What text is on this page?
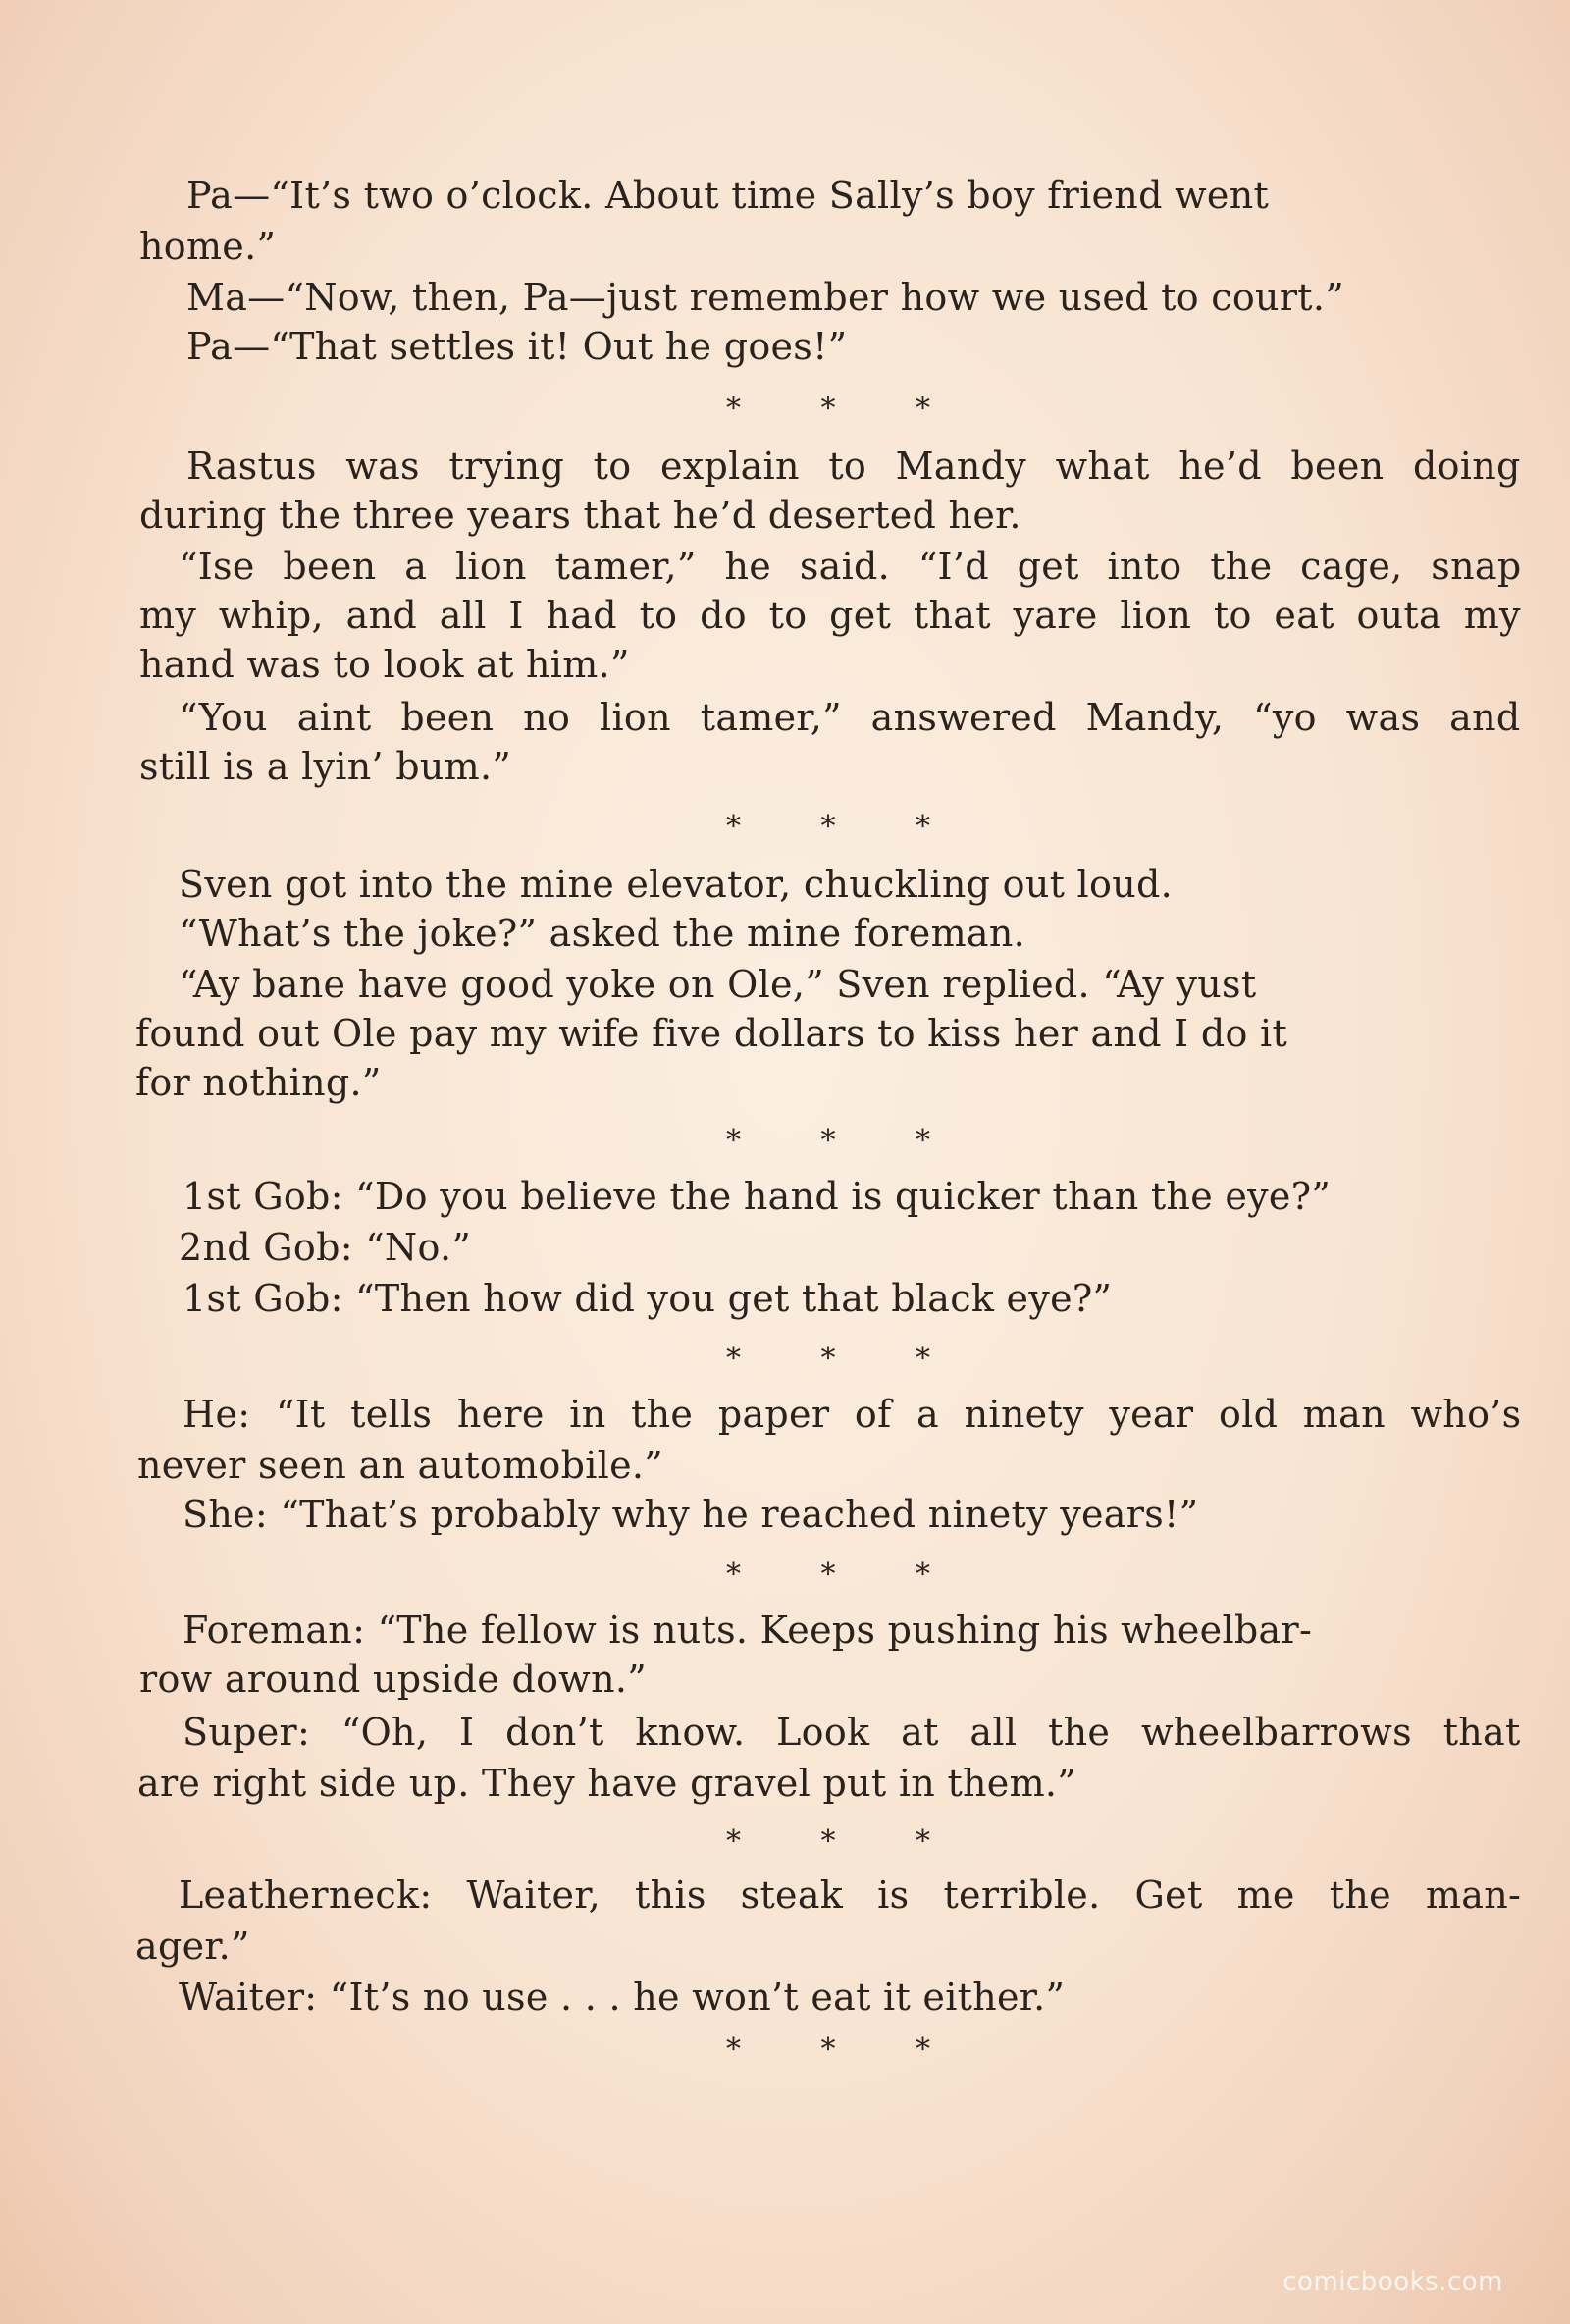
Pa—“It’s two o’clock. About time Sally’s boy friend went
home.”
Ma—“Now, then, Pa—just remember how we used to court.”
Pa—“That settles it! Out he goes!”
* * *
Rastus was trying to explain to Mandy what he’d been doing
during the three years that he’d deserted her.
“Ise been a lion tamer,” he said. “I’d get into the cage, snap
my whip, and all I had to do to get that yare lion to eat outa my
hand was to look at him.”
“You aint been no lion tamer,” answered Mandy, “yo was and
still is a lyin’ bum.”
* * *
Sven got into the mine elevator, chuckling out loud.
“What’s the joke?” asked the mine foreman.
“Ay bane have good yoke on Ole,” Sven replied. “Ay yust
found out Ole pay my wife five dollars to kiss her and I do it
for nothing.”
* * *
1st Gob: “Do you believe the hand is quicker than the eye?”
2nd Gob: “No.”
1st Gob: “Then how did you get that black eye?”
* * *
He: “It tells here in the paper of a ninety year old man who’s
never seen an automobile.”
She: “That’s probably why he reached ninety years!”
* * *
Foreman: “The fellow is nuts. Keeps pushing his wheelbar-
row around upside down.”
Super: “Oh, I don’t know. Look at all the wheelbarrows that
are right side up. They have gravel put in them.”
* * *
Leatherneck: Waiter, this steak is terrible. Get me the man-
ager.”
Waiter: “It’s no use . . . he won’t eat it either.”
* * *
comicbooks.com
